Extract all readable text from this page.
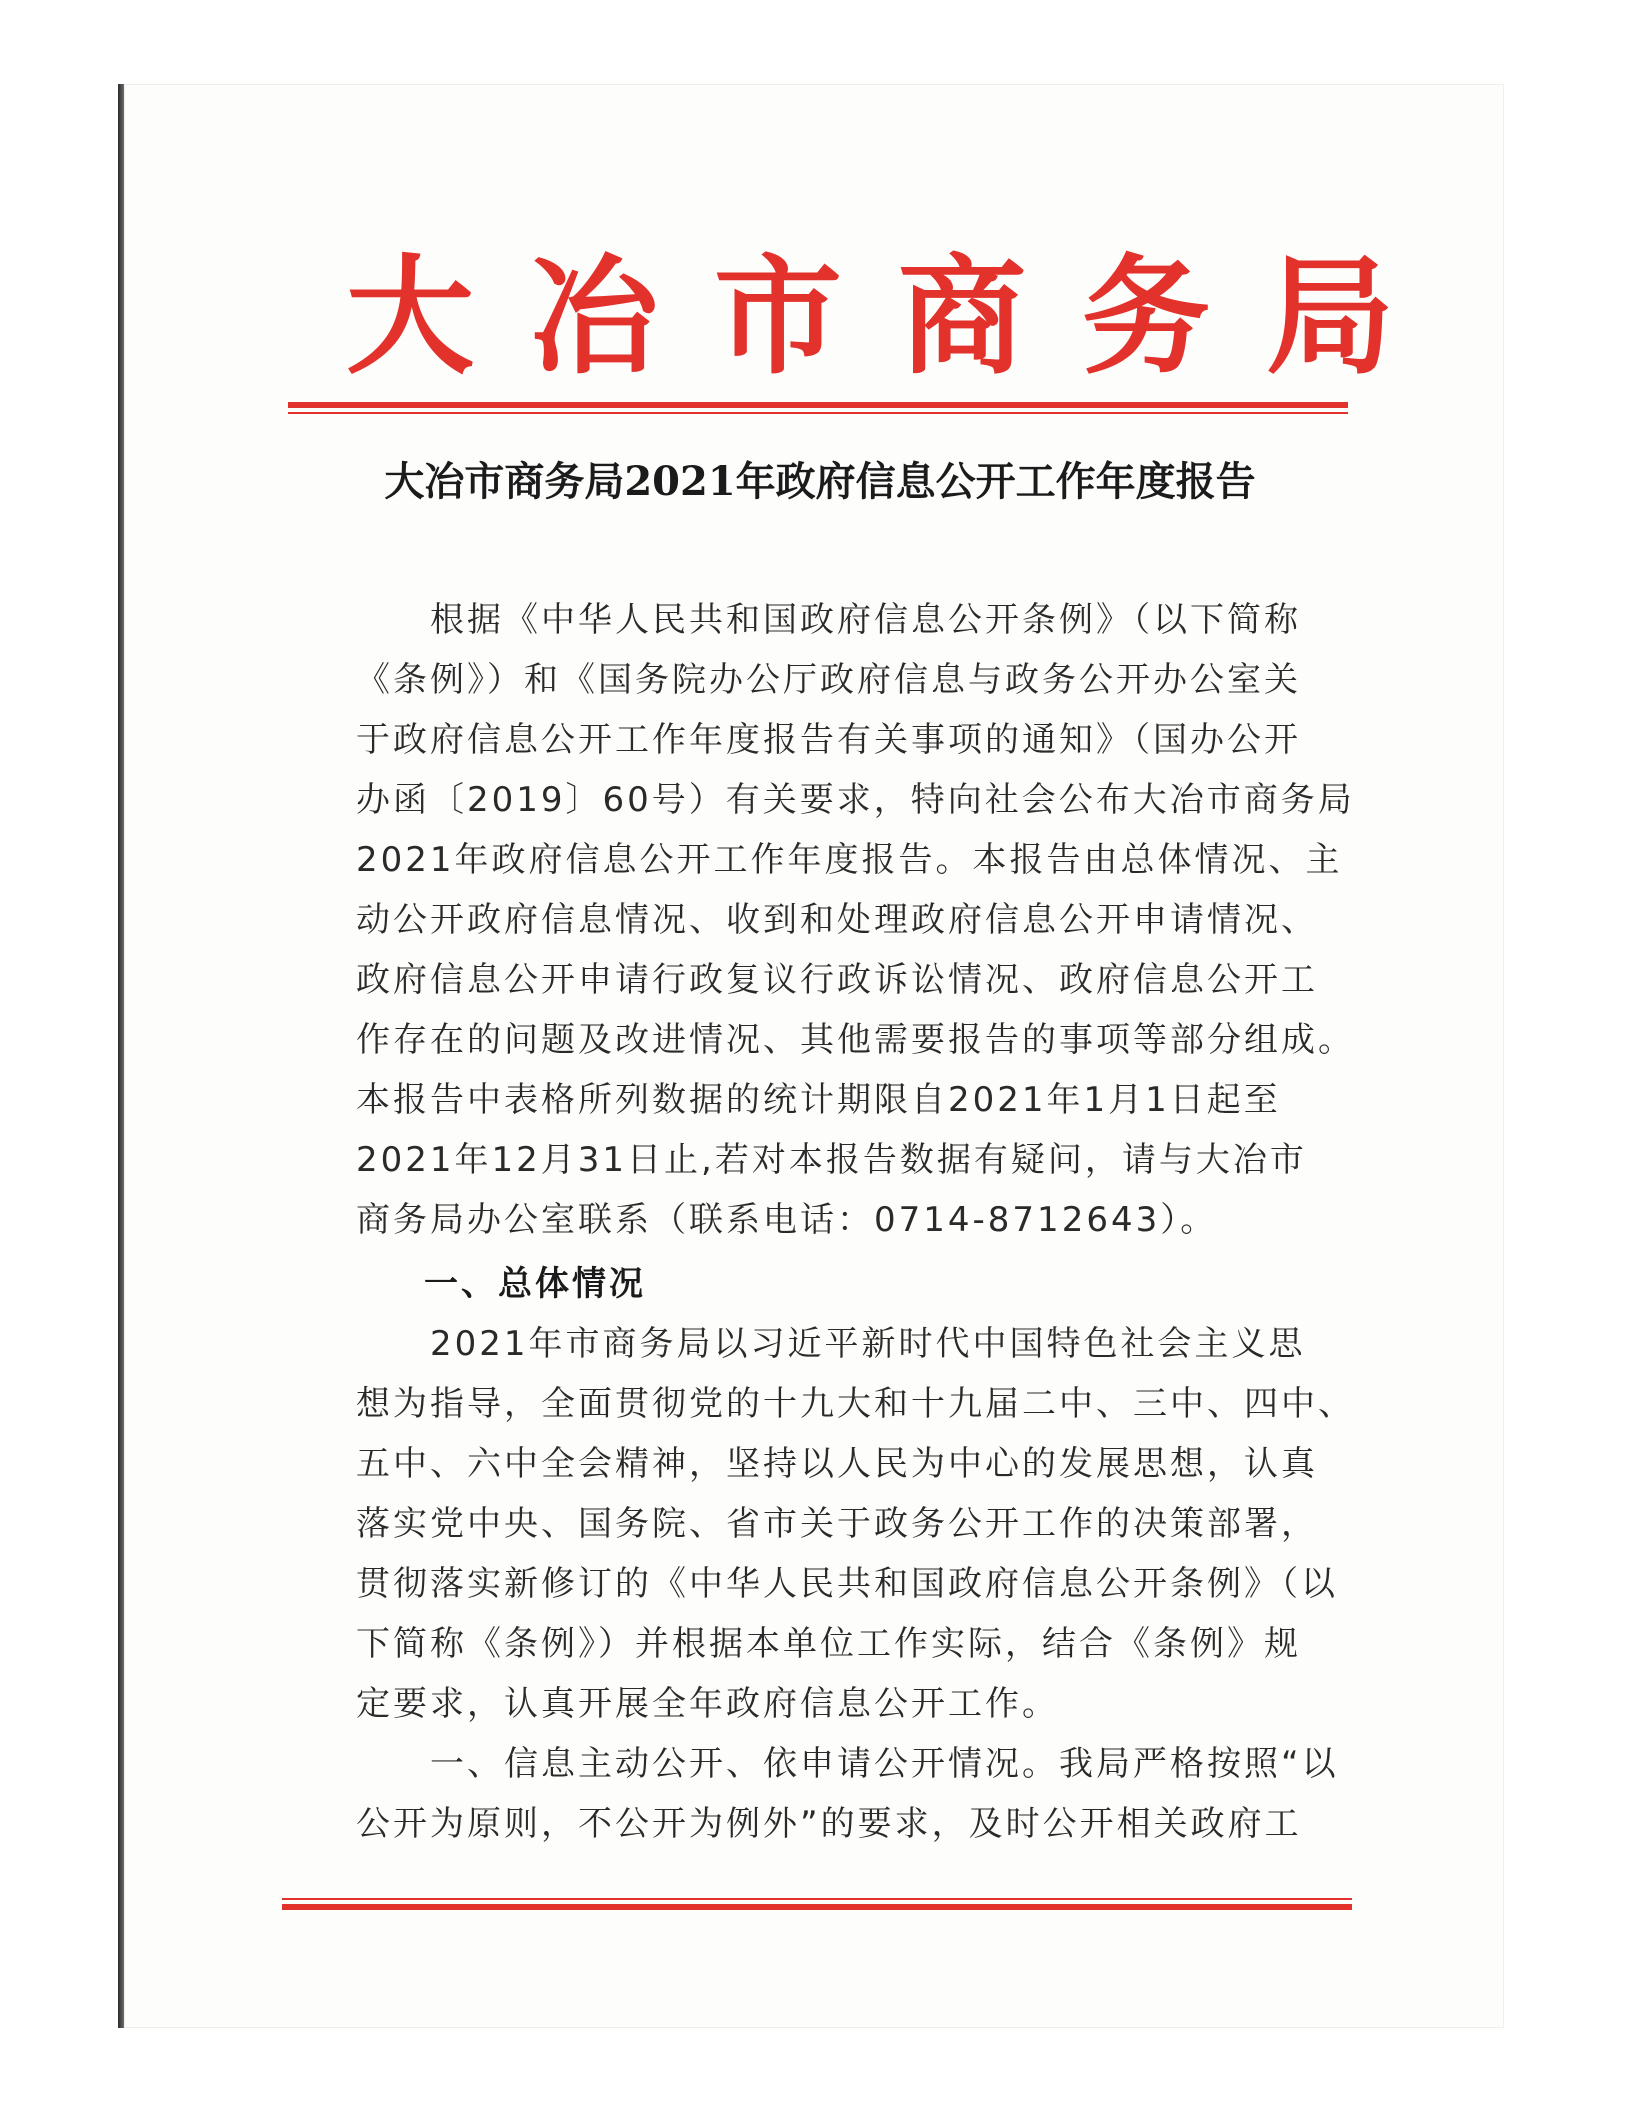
大冶市商务局
大冶市商务局2021年政府信息公开工作年度报告
　　根据《中华人民共和国政府信息公开条例》（以下简称
《条例》）和《国务院办公厅政府信息与政务公开办公室关
于政府信息公开工作年度报告有关事项的通知》（国办公开
办函〔2019〕60号）有关要求，特向社会公布大冶市商务局
2021年政府信息公开工作年度报告。本报告由总体情况、主
动公开政府信息情况、收到和处理政府信息公开申请情况、
政府信息公开申请行政复议行政诉讼情况、政府信息公开工
作存在的问题及改进情况、其他需要报告的事项等部分组成。
本报告中表格所列数据的统计期限自2021年1月1日起至
2021年12月31日止,若对本报告数据有疑问，请与大冶市
商务局办公室联系（联系电话：0714-8712643）。
一、总体情况
　　2021年市商务局以习近平新时代中国特色社会主义思
想为指导，全面贯彻党的十九大和十九届二中、三中、四中、
五中、六中全会精神，坚持以人民为中心的发展思想，认真
落实党中央、国务院、省市关于政务公开工作的决策部署，
贯彻落实新修订的《中华人民共和国政府信息公开条例》（以
下简称《条例》）并根据本单位工作实际，结合《条例》规
定要求，认真开展全年政府信息公开工作。
　　一、信息主动公开、依申请公开情况。我局严格按照“以
公开为原则，不公开为例外”的要求，及时公开相关政府工
